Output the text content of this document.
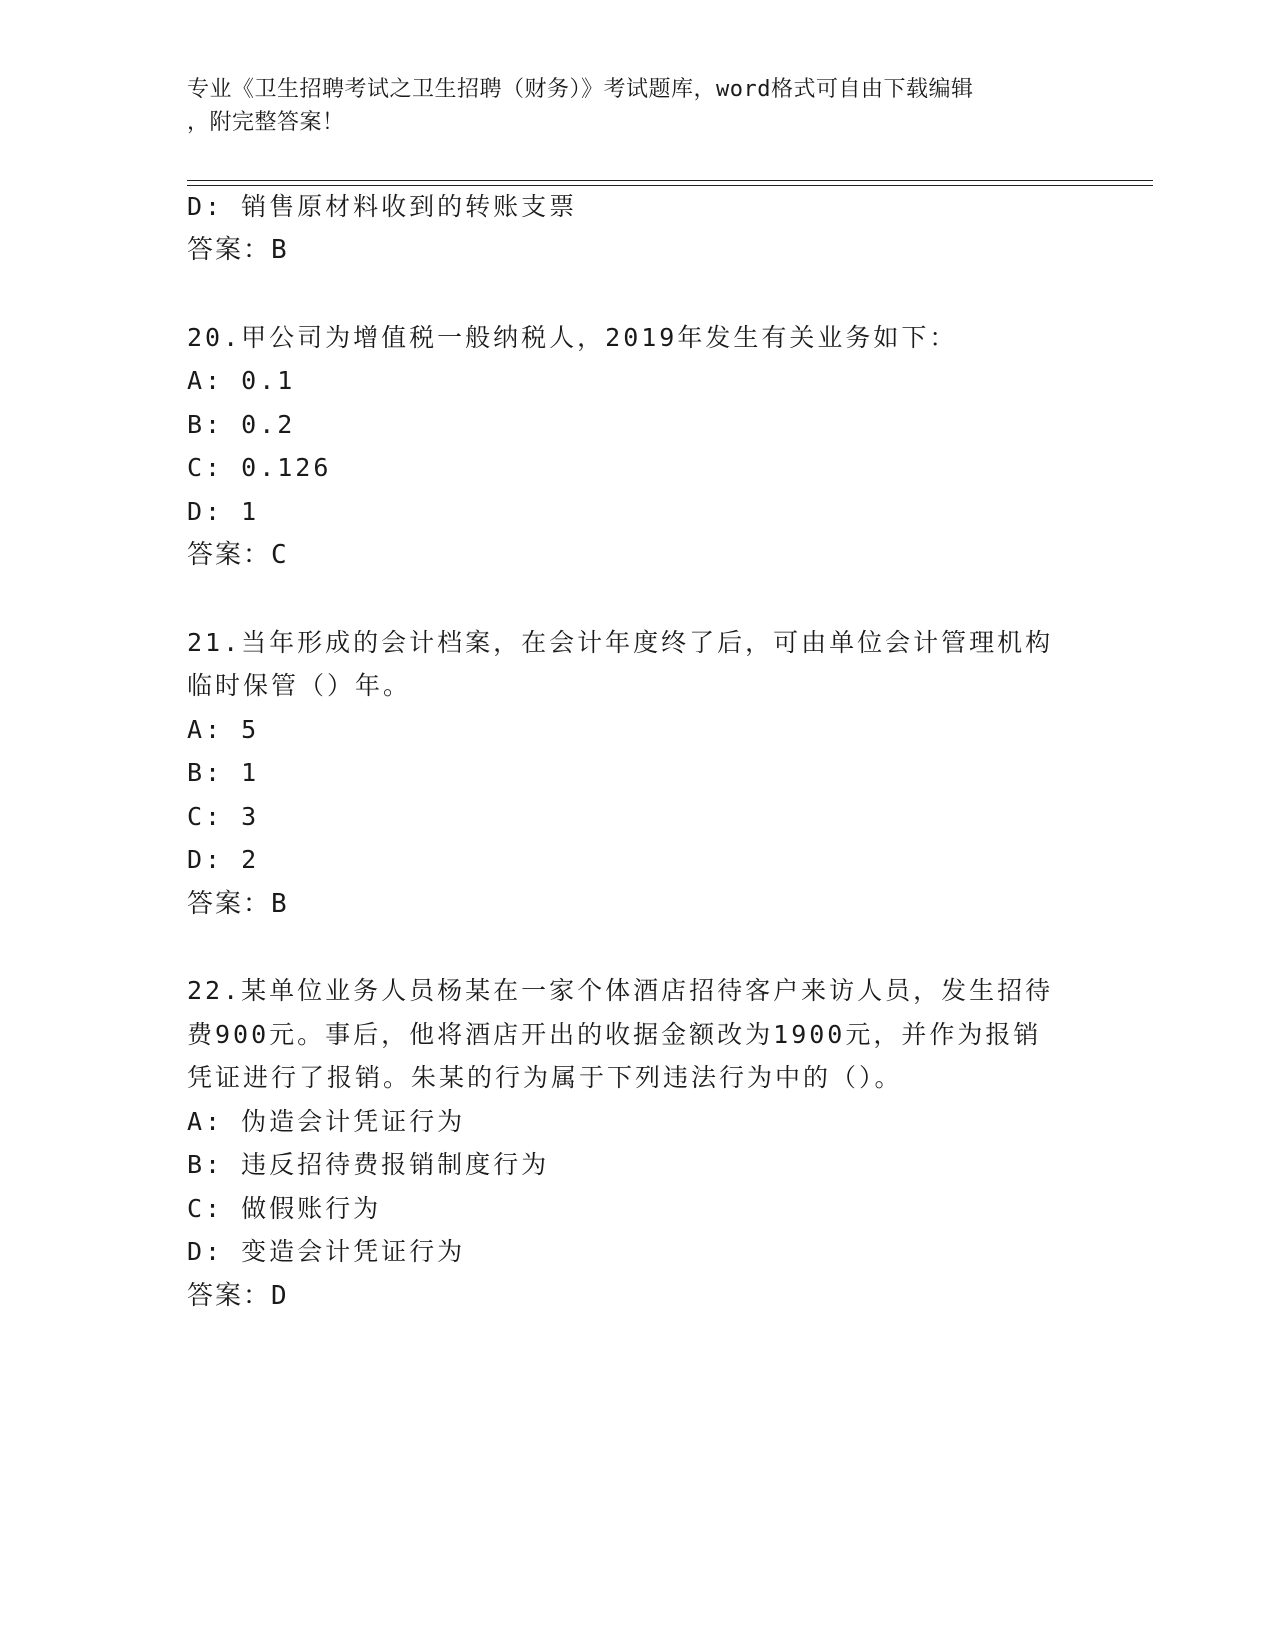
专业《卫生招聘考试之卫生招聘（财务）》考试题库，word格式可自由下载编辑
，附完整答案！
D: 销售原材料收到的转账支票
答案：B
20.甲公司为增值税一般纳税人，2019年发生有关业务如下：
A: 0.1
B: 0.2
C: 0.126
D: 1
答案：C
21.当年形成的会计档案，在会计年度终了后，可由单位会计管理机构
临时保管（）年。
A: 5
B: 1
C: 3
D: 2
答案：B
22.某单位业务人员杨某在一家个体酒店招待客户来访人员，发生招待
费900元。事后，他将酒店开出的收据金额改为1900元，并作为报销
凭证进行了报销。朱某的行为属于下列违法行为中的（）。
A: 伪造会计凭证行为
B: 违反招待费报销制度行为
C: 做假账行为
D: 变造会计凭证行为
答案：D
